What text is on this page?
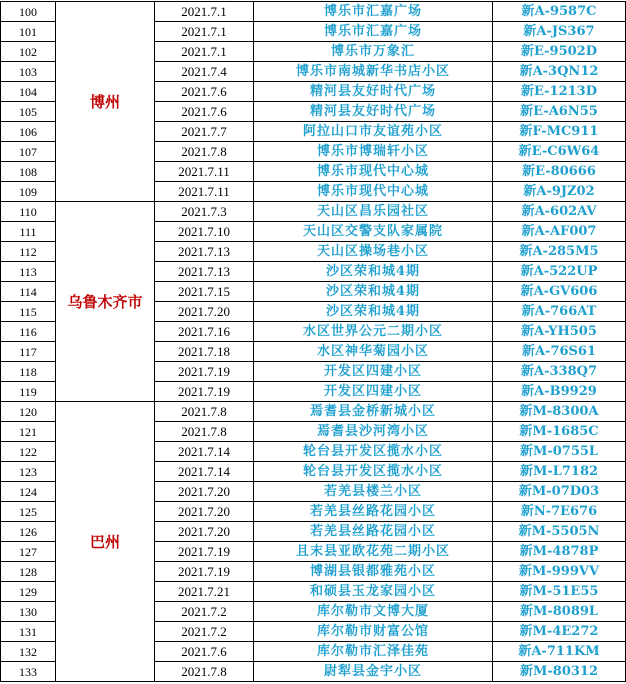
100	博州	2021.7.1	博乐市汇嘉广场	新A-9587C
101		2021.7.1	博乐市汇嘉广场	新A-JS367
102		2021.7.1	博乐市万象汇	新E-9502D
103		2021.7.4	博乐市南城新华书店小区	新A-3QN12
104		2021.7.6	精河县友好时代广场	新E-1213D
105		2021.7.6	精河县友好时代广场	新E-A6N55
106		2021.7.7	阿拉山口市友谊苑小区	新F-MC911
107		2021.7.8	博乐市博瑞轩小区	新E-C6W64
108		2021.7.11	博乐市现代中心城	新E-80666
109		2021.7.11	博乐市现代中心城	新A-9JZ02
110	乌鲁木齐市	2021.7.3	天山区昌乐园社区	新A-602AV
111		2021.7.10	天山区交警支队家属院	新A-AF007
112		2021.7.13	天山区操场巷小区	新A-285M5
113		2021.7.13	沙区荣和城4期	新A-522UP
114		2021.7.15	沙区荣和城4期	新A-GV606
115		2021.7.20	沙区荣和城4期	新A-766AT
116		2021.7.16	水区世界公元二期小区	新A-YH505
117		2021.7.18	水区神华菊园小区	新A-76S61
118		2021.7.19	开发区四建小区	新A-338Q7
119		2021.7.19	开发区四建小区	新A-B9929
120	巴州	2021.7.8	焉耆县金桥新城小区	新M-8300A
121		2021.7.8	焉耆县沙河湾小区	新M-1685C
122		2021.7.14	轮台县开发区揽水小区	新M-0755L
123		2021.7.14	轮台县开发区揽水小区	新M-L7182
124		2021.7.20	若羌县楼兰小区	新M-07D03
125		2021.7.20	若羌县丝路花园小区	新N-7E676
126		2021.7.20	若羌县丝路花园小区	新M-5505N
127		2021.7.19	且末县亚欧花苑二期小区	新M-4878P
128		2021.7.19	博湖县银都雅苑小区	新M-999VV
129		2021.7.21	和硕县玉龙家园小区	新M-51E55
130		2021.7.2	库尔勒市文博大厦	新M-8089L
131		2021.7.2	库尔勒市财富公馆	新M-4E272
132		2021.7.6	库尔勒市汇泽佳苑	新A-711KM
133		2021.7.8	尉犁县金宇小区	新M-80312
